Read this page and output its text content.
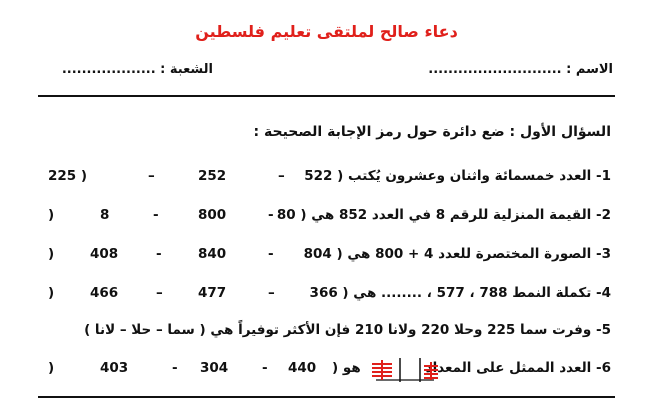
دعاء صالح لملتقى تعليم فلسطين
الاسم : ...........................
الشعبة : ...................
السؤال الأول : ضع دائرة حول رمز الإجابة الصحيحة :
1- العدد خمسمائة واثنان وعشرون يُكتب ( 522
225 )	–	252	–
2- القيمة المنزلية للرقم 8 في العدد 852 هي ( 80
)	8	-	800	-
3- الصورة المختصرة للعدد 4 + 800 هي ( 804
)	408	-	840	-
4- تكملة النمط 788 ، 577 ، ........ هي ( 366
)	466	–	477	–
5- وفرت سما 225 وحلا 220 ولانا 210 فإن الأكثر توفيراً هي ( سما – حلا – لانا )
6- العدد الممثل على المعداد
هو (
)	403	- 304	- 440
